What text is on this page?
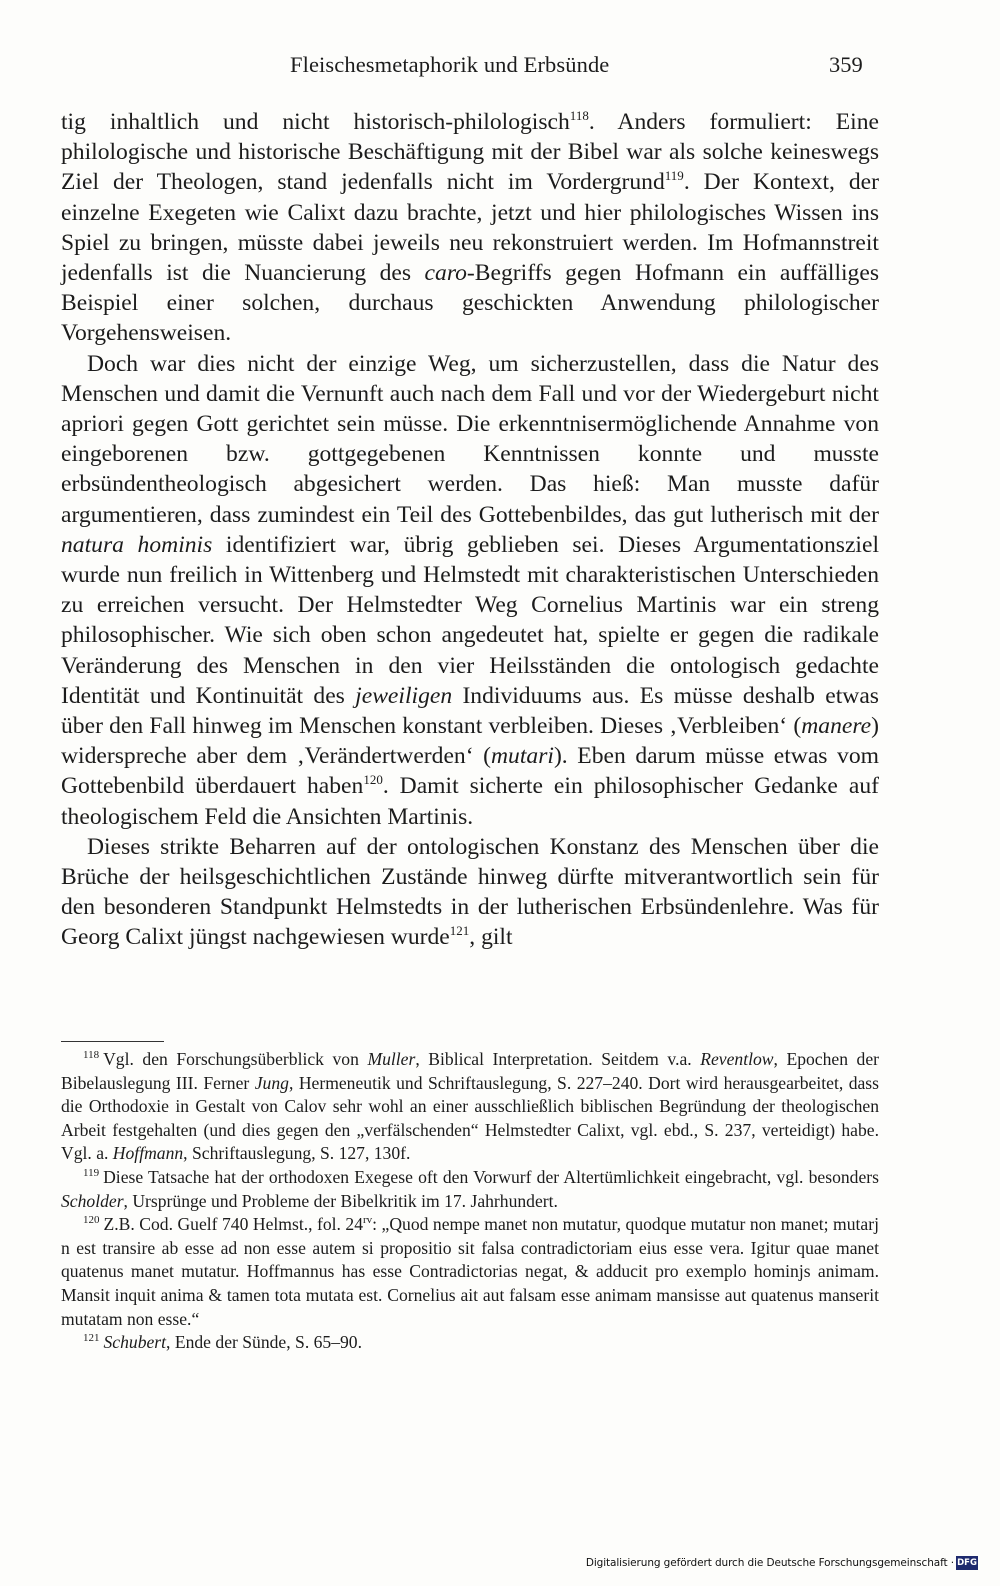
Fleischesmetaphorik und Erbsünde	359

tig inhaltlich und nicht historisch-philologisch$^{118}$. Anders formuliert: Eine philologische und historische Beschäftigung mit der Bibel war als solche keineswegs Ziel der Theologen, stand jedenfalls nicht im Vordergrund$^{119}$. Der Kontext, der einzelne Exegeten wie Calixt dazu brachte, jetzt und hier philologisches Wissen ins Spiel zu bringen, müsste dabei jeweils neu rekonstruiert werden. Im Hofmannstreit jedenfalls ist die Nuancierung des caro-Begriffs gegen Hofmann ein auffälliges Beispiel einer solchen, durchaus geschickten Anwendung philologischer Vorgehensweisen.

Doch war dies nicht der einzige Weg, um sicherzustellen, dass die Natur des Menschen und damit die Vernunft auch nach dem Fall und vor der Wiedergeburt nicht apriori gegen Gott gerichtet sein müsse. Die erkenntnisermöglichende Annahme von eingeborenen bzw. gottgegebenen Kenntnissen konnte und musste erbsündentheologisch abgesichert werden. Das hieß: Man musste dafür argumentieren, dass zumindest ein Teil des Gottebenbildes, das gut lutherisch mit der natura hominis identifiziert war, übrig geblieben sei. Dieses Argumentationsziel wurde nun freilich in Wittenberg und Helmstedt mit charakteristischen Unterschieden zu erreichen versucht. Der Helmstedter Weg Cornelius Martinis war ein streng philosophischer. Wie sich oben schon angedeutet hat, spielte er gegen die radikale Veränderung des Menschen in den vier Heilsständen die ontologisch gedachte Identität und Kontinuität des jeweiligen Individuums aus. Es müsse deshalb etwas über den Fall hinweg im Menschen konstant verbleiben. Dieses ‚Verbleiben‘ (manere) widerspreche aber dem ‚Verändertwerden‘ (mutari). Eben darum müsse etwas vom Gottebenbild überdauert haben$^{120}$. Damit sicherte ein philosophischer Gedanke auf theologischem Feld die Ansichten Martinis.

Dieses strikte Beharren auf der ontologischen Konstanz des Menschen über die Brüche der heilsgeschichtlichen Zustände hinweg dürfte mitverantwortlich sein für den besonderen Standpunkt Helmstedts in der lutherischen Erbsündenlehre. Was für Georg Calixt jüngst nachgewiesen wurde$^{121}$, gilt

$^{118}$ Vgl. den Forschungsüberblick von Muller, Biblical Interpretation. Seitdem v.a. Reventlow, Epochen der Bibelauslegung III. Ferner Jung, Hermeneutik und Schriftauslegung, S. 227–240. Dort wird herausgearbeitet, dass die Orthodoxie in Gestalt von Calov sehr wohl an einer ausschließlich biblischen Begründung der theologischen Arbeit festgehalten (und dies gegen den „verfälschenden“ Helmstedter Calixt, vgl. ebd., S. 237, verteidigt) habe. Vgl. a. Hoffmann, Schriftauslegung, S. 127, 130f.

$^{119}$ Diese Tatsache hat der orthodoxen Exegese oft den Vorwurf der Altertümlichkeit eingebracht, vgl. besonders Scholder, Ursprünge und Probleme der Bibelkritik im 17. Jahrhundert.

$^{120}$ Z.B. Cod. Guelf 740 Helmst., fol. $24^{rv}$: „Quod nempe manet non mutatur, quodque mutatur non manet; mutarj n est transire ab esse ad non esse autem si propositio sit falsa contradictoriam eius esse vera. Igitur quae manet quatenus manet mutatur. Hoffmannus has esse Contradictorias negat, & adducit pro exemplo hominjs animam. Mansit inquit anima & tamen tota mutata est. Cornelius ait aut falsam esse animam mansisse aut quatenus manserit mutatam non esse.“

$^{121}$ Schubert, Ende der Sünde, S. 65–90.

Digitalisierung gefördert durch die Deutsche Forschungsgemeinschaft · DFG
